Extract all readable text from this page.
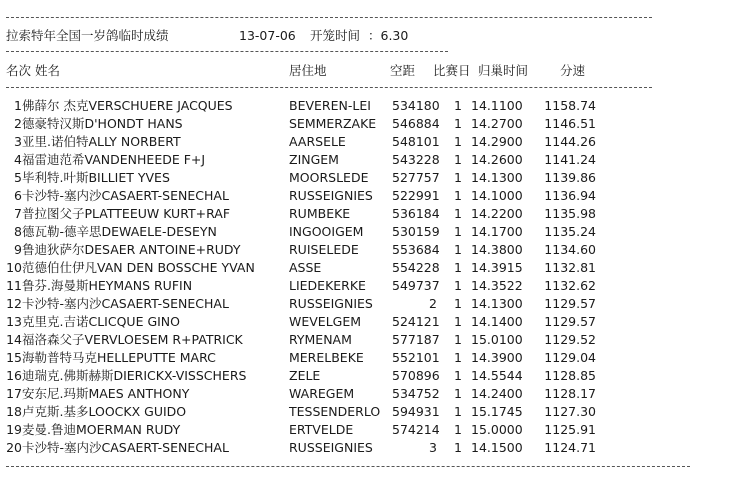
拉索特年全国一岁鸽临时成绩	13-07-06 开笼时间 ：6.30
名次 姓名	居住地	空距 比赛日 归巢时间	分速
1 佛薛尔 杰克VERSCHUERE JACQUES	BEVEREN-LEI 534180	1 14.1100	1158.74
2 德豪特汉斯D'HONDT HANS	SEMMERZAKE 546884	1 14.2700	1146.51
3 亚里.诺伯特ALLY NORBERT	AARSELE	548101	1 14.2900	1144.26
4 福雷迪范希VANDENHEEDE F+J	ZINGEM	543228	1 14.2600	1141.24
5 毕利特.叶斯BILLIET YVES	MOORSLEDE 527757	1 14.1300	1139.86
6 卡沙特-塞内沙CASAERT-SENECHAL	RUSSEIGNIES 522991	1 14.1000	1136.94
7 普拉图父子PLATTEEUW KURT+RAF	RUMBEKE	536184	1 14.2200	1135.98
8 德瓦勒-德辛思DEWAELE-DESEYN	INGOOIGEM 530159	1 14.1700	1135.24
9 鲁迪狄萨尔DESAER ANTOINE+RUDY	RUISELEDE	553684	1 14.3800	1134.60
10 范德伯仕伊凡VAN DEN BOSSCHE YVAN	ASSE	554228	1 14.3915	1132.81
11 鲁芬.海曼斯HEYMANS RUFIN	LIEDEKERKE 549737	1 14.3522	1132.62
12 卡沙特-塞内沙CASAERT-SENECHAL	RUSSEIGNIES	2	1 14.1300	1129.57
13 克里克.吉诺CLICQUE GINO	WEVELGEM 524121	1 14.1400	1129.57
14 福洛森父子VERVLOESEM R+PATRICK	RYMENAM	577187	1 15.0100	1129.52
15 海勒普特马克HELLEPUTTE MARC	MERELBEKE 552101	1 14.3900	1129.04
16 迪瑞克.佛斯赫斯DIERICKX-VISSCHERS	ZELE	570896	1 14.5544	1128.85
17 安东尼.玛斯MAES ANTHONY	WAREGEM	534752	1 14.2400	1128.17
18 卢克斯.基多LOOCKX GUIDO	TESSENDERLO 594931	1 15.1745	1127.30
19 麦曼.鲁迪MOERMAN RUDY	ERTVELDE	574214	1 15.0000	1125.91
20 卡沙特-塞内沙CASAERT-SENECHAL	RUSSEIGNIES	3	1 14.1500	1124.71
